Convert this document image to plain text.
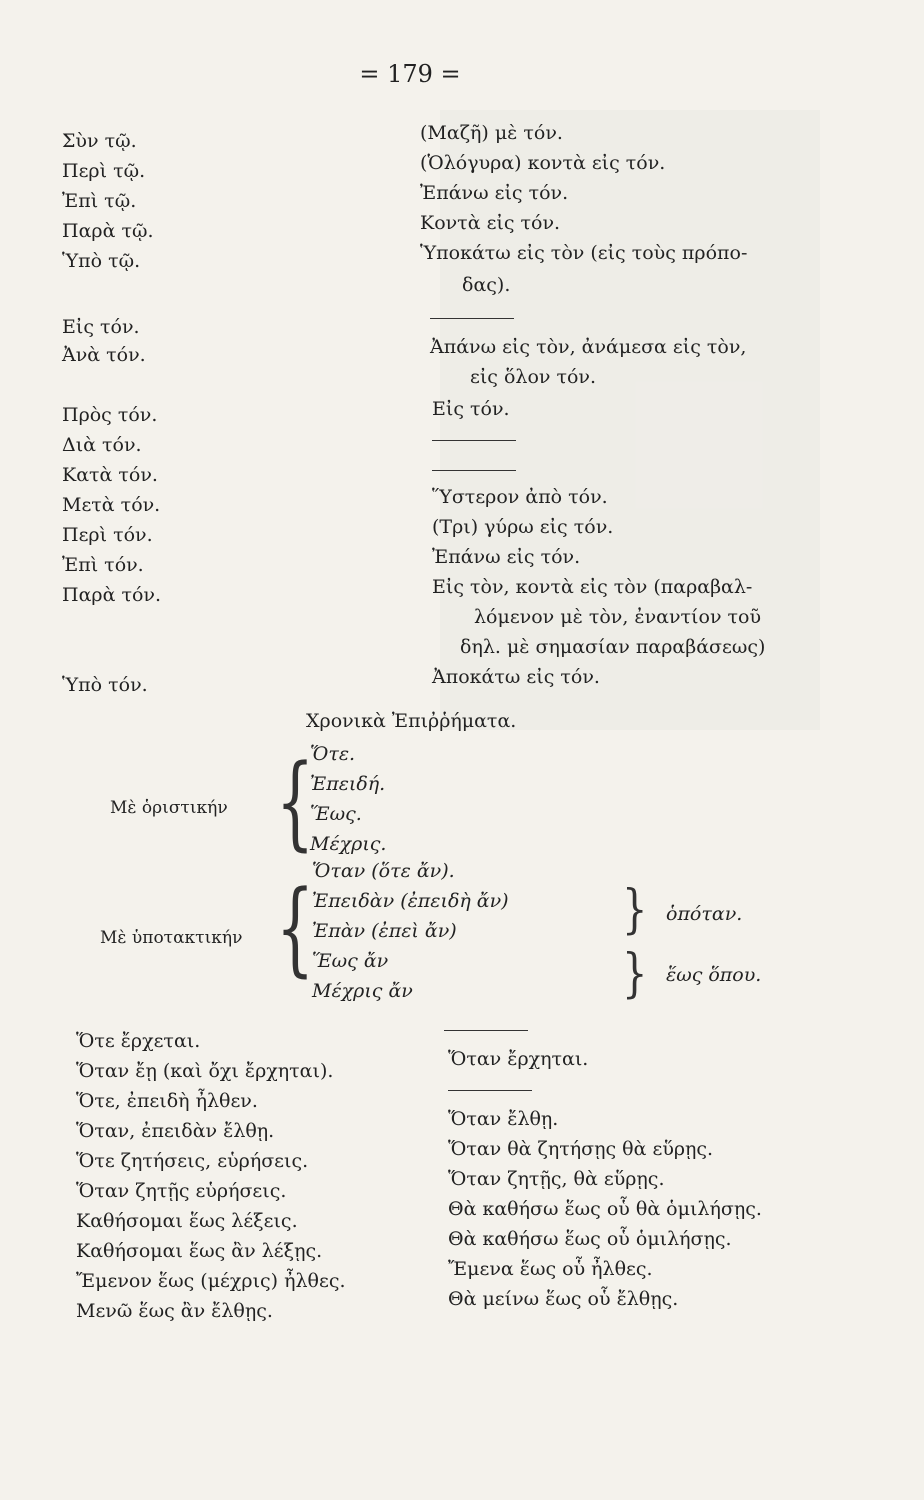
= 179 =
Σὺν τῷ.
Περὶ τῷ.
Ἐπὶ τῷ.
Παρὰ τῷ.
Ὑπὸ τῷ.
(Μαζῆ) μὲ τόν.
(Ὁλόγυρα) κοντὰ εἰς τόν.
Ἐπάνω εἰς τόν.
Κοντὰ εἰς τόν.
Ὑποκάτω εἰς τὸν (εἰς τοὺς πρόπο-
δας).
Εἰς τόν.
Ἀνὰ τόν.	Ἀπάνω εἰς τὸν, ἀνάμεσα εἰς τὸν,
εἰς ὅλον τόν.
Εἰς τόν.
Πρὸς τόν.
Διὰ τόν.
Κατὰ τόν.
Μετὰ τόν.
Περὶ τόν.
Ἐπὶ τόν.
Παρὰ τόν.
Ὕστερον ἀπὸ τόν.
(Τρι) γύρω εἰς τόν.
Ἐπάνω εἰς τόν.
Εἰς τὸν, κοντὰ εἰς τὸν (παραβαλ-
λόμενον μὲ τὸν, ἐναντίον τοῦ
δηλ. μὲ σημασίαν παραβάσεως)
Ἀποκάτω εἰς τόν.
Ὑπὸ τόν.
Χρονικὰ Ἐπιῤῥήματα.
Μὲ ὁριστικήν {
Ὅτε.
Ἐπειδή.
Ἕως.
Μέχρις.
Μὲ ὑποτακτικήν {
Ὅταν (ὅτε ἄν).
Ἐπειδὰν (ἐπειδὴ ἄν)
Ἐπὰν (ἐπεὶ ἄν)
Ἕως ἄν
Μέχρις ἄν
} ὁπόταν.
} ἕως ὅπου.
Ὅτε ἔρχεται.
Ὅταν ἔῃ (καὶ ὄχι ἔρχηται).
Ὅτε, ἐπειδὴ ἦλθεν.
Ὅταν, ἐπειδὰν ἔλθῃ.
Ὅτε ζητήσεις, εὑρήσεις.
Ὅταν ζητῇς εὑρήσεις.
Καθήσομαι ἕως λέξεις.
Καθήσομαι ἕως ἂν λέξῃς.
Ἔμενον ἕως (μέχρις) ἦλθες.
Μενῶ ἕως ἂν ἔλθῃς.
Ὅταν ἔρχηται.
Ὅταν ἔλθῃ.
Ὅταν θὰ ζητήσῃς θὰ εὕρῃς.
Ὅταν ζητῇς, θὰ εὕρῃς.
Θὰ καθήσω ἕως οὗ θὰ ὁμιλήσῃς.
Θὰ καθήσω ἕως οὗ ὁμιλήσῃς.
Ἔμενα ἕως οὗ ἦλθες.
Θὰ μείνω ἕως οὗ ἔλθῃς.
